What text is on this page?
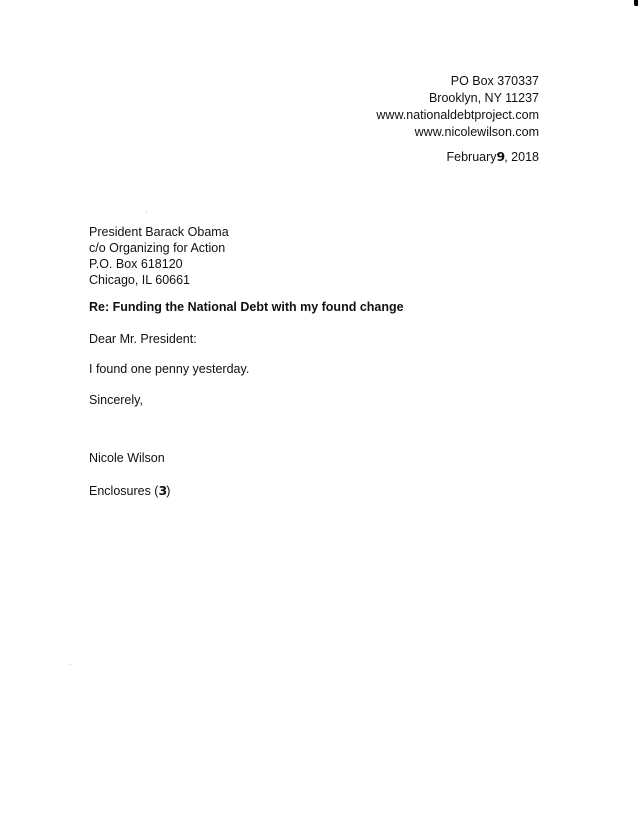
PO Box 370337
Brooklyn, NY 11237
www.nationaldebtproject.com
www.nicolewilson.com
February9, 2018
President Barack Obama
c/o Organizing for Action
P.O. Box 618120
Chicago, IL 60661
Re: Funding the National Debt with my found change
Dear Mr. President:
I found one penny yesterday.
Sincerely,
Nicole Wilson
Enclosures (3)
